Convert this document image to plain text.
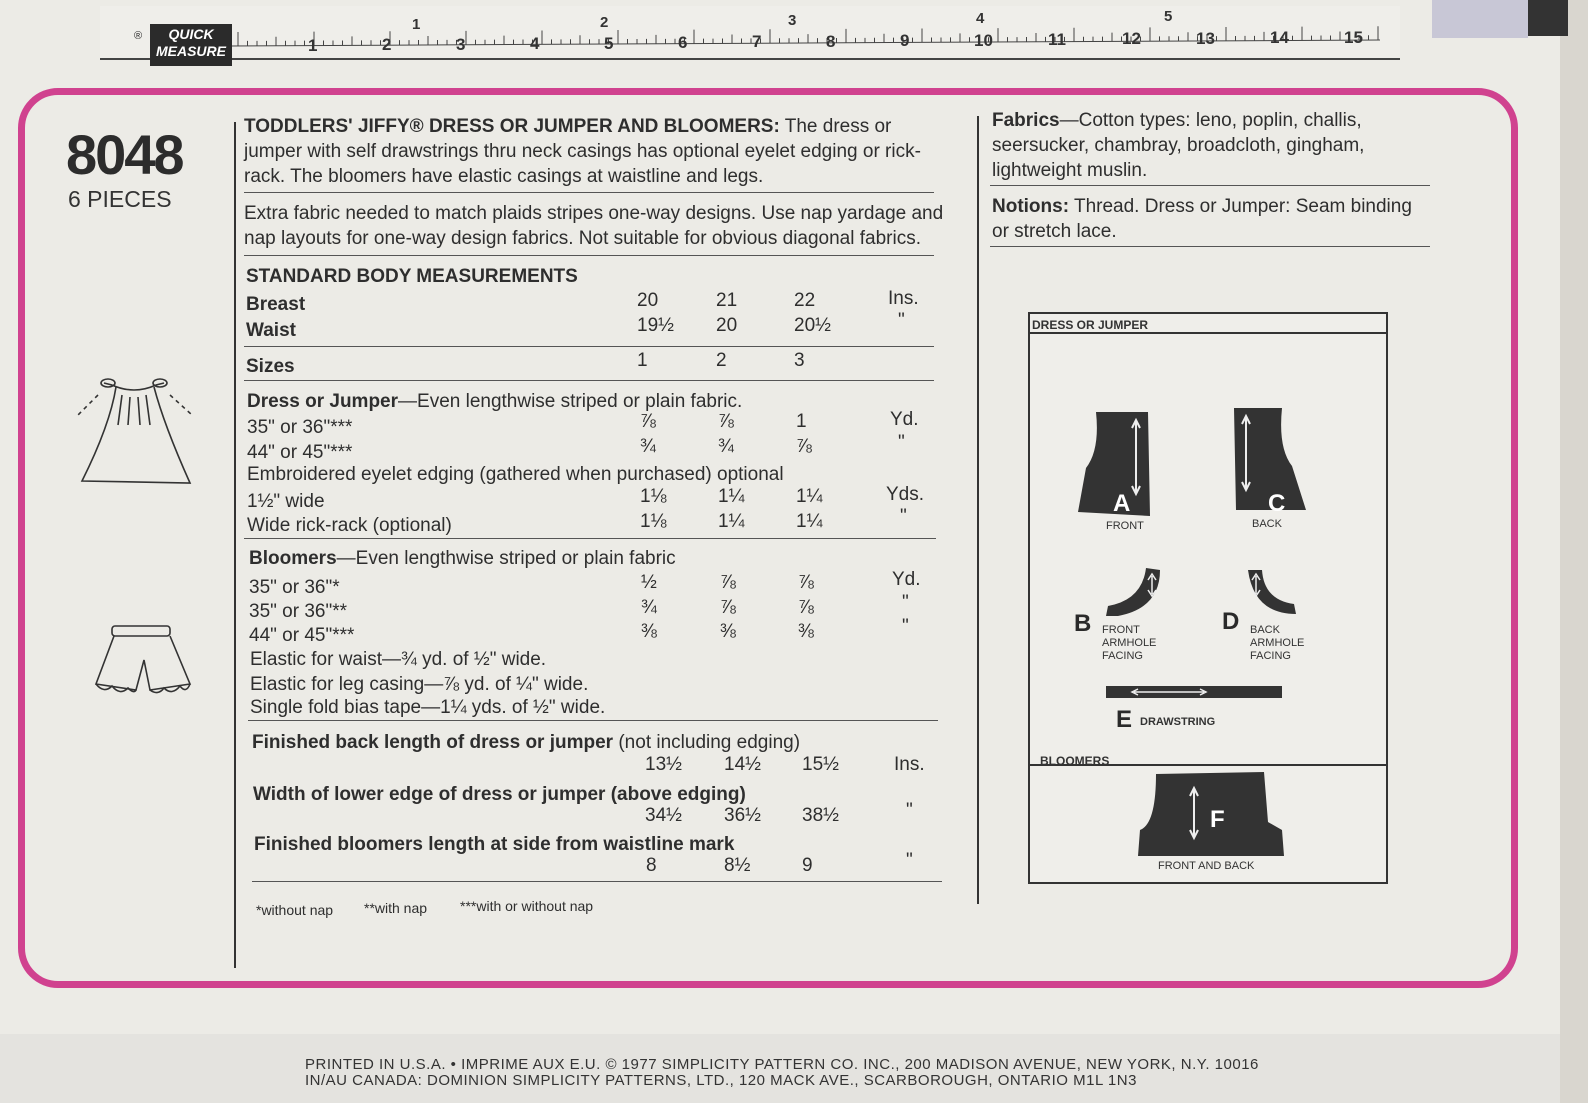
®	QUICK
MEASURE	1	2	3	4	5	6	7	8	9	10	11	12	13	14	15
1	2	3	4	5
8048
6 PIECES
TODDLERS' JIFFY® DRESS OR JUMPER AND BLOOMERS: The dress or jumper with self drawstrings thru neck casings has optional eyelet edging or rick-rack. The bloomers have elastic casings at waistline and legs.
Extra fabric needed to match plaids stripes one-way designs. Use nap yardage and nap layouts for one-way design fabrics. Not suitable for obvious diagonal fabrics.
STANDARD BODY MEASUREMENTS
Breast	20	21	22	Ins.
Waist	19½	20	20½	"
Sizes	1	2	3
Dress or Jumper—Even lengthwise striped or plain fabric.
35" or 36"***	⅞	⅞	1	Yd.
44" or 45"***	¾	¾	⅞	"
Embroidered eyelet edging (gathered when purchased) optional
1½" wide	1⅛	1¼	1¼	Yds.
Wide rick-rack (optional)	1⅛	1¼	1¼	"
Bloomers—Even lengthwise striped or plain fabric
35" or 36"*	½	⅞	⅞	Yd.
35" or 36"**	¾	⅞	⅞	"
44" or 45"***	⅜	⅜	⅜	"
Elastic for waist—¾ yd. of ½" wide.
Elastic for leg casing—⅞ yd. of ¼" wide.
Single fold bias tape—1¼ yds. of ½" wide.
Finished back length of dress or jumper (not including edging)
13½	14½	15½	Ins.
Width of lower edge of dress or jumper (above edging)
34½	36½	38½	"
Finished bloomers length at side from waistline mark
8	8½	9	"
*without nap **with nap ***with or without nap
Fabrics—Cotton types: leno, poplin, challis, seersucker, chambray, broadcloth, gingham, lightweight muslin.
Notions: Thread. Dress or Jumper: Seam binding or stretch lace.
DRESS OR JUMPER
A
FRONT
C
BACK
B FRONT ARMHOLE FACING
D BACK ARMHOLE FACING
E DRAWSTRING
BLOOMERS
F
FRONT AND BACK
PRINTED IN U.S.A. • IMPRIME AUX E.U. © 1977 SIMPLICITY PATTERN CO. INC., 200 MADISON AVENUE, NEW YORK, N.Y. 10016
IN/AU CANADA: DOMINION SIMPLICITY PATTERNS, LTD., 120 MACK AVE., SCARBOROUGH, ONTARIO M1L 1N3
